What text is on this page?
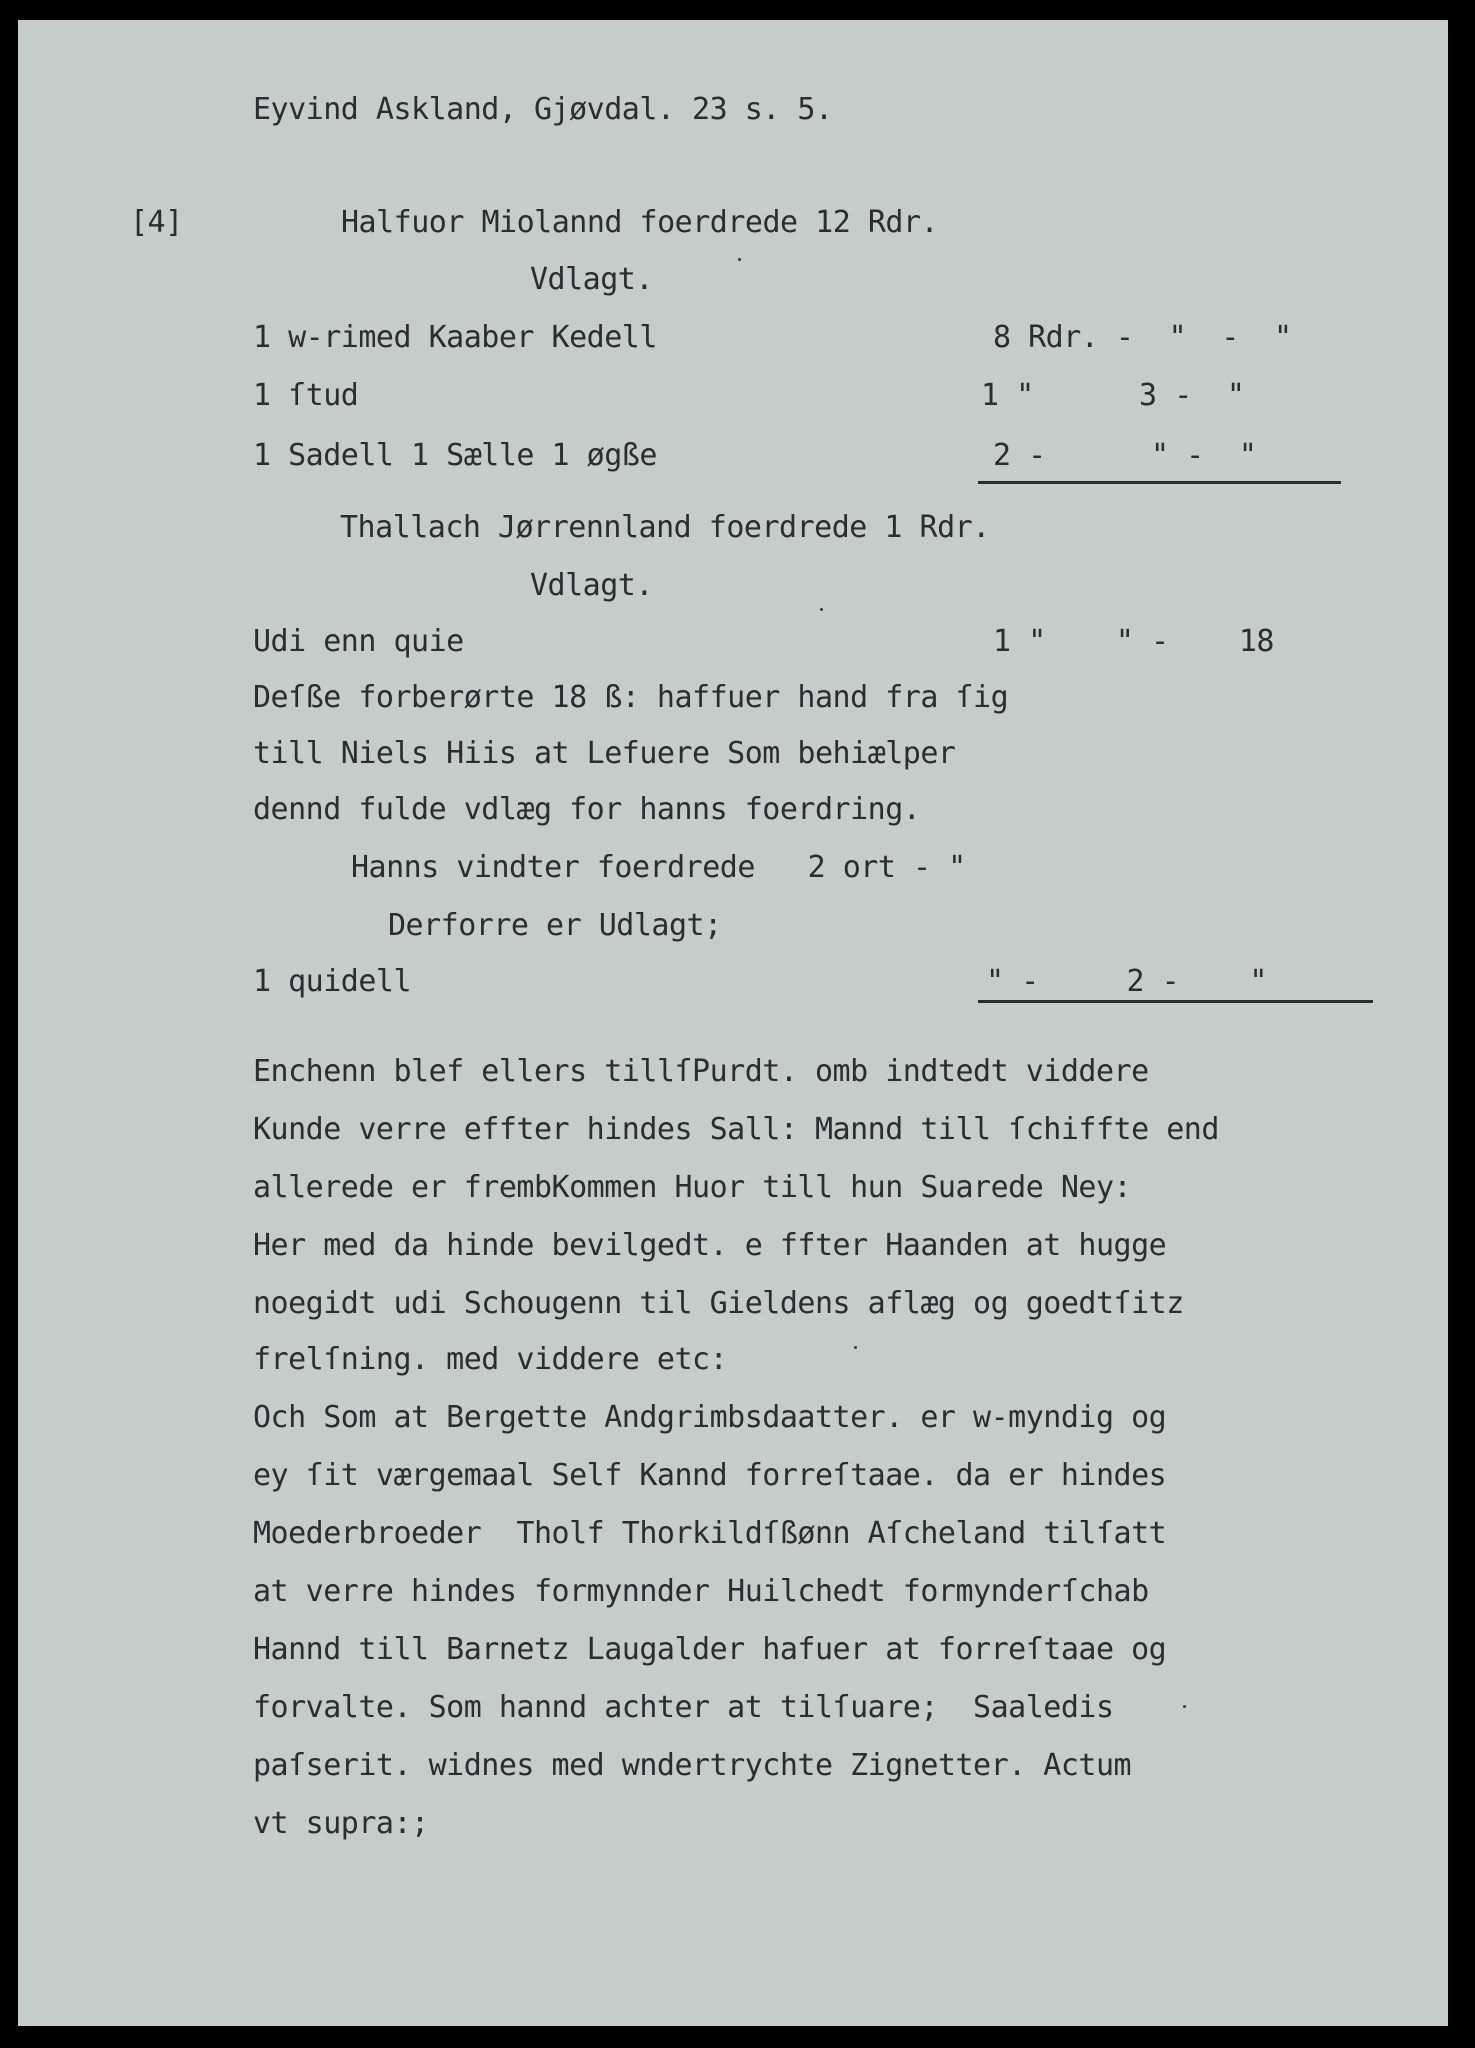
Eyvind Askland, Gjøvdal. 23 s. 5.
[4]	Halfuor Miolannd foerdrede 12 Rdr.
Vdlagt.
1 w-rimed Kaaber Kedell	8 Rdr. -  "  -  "
1 ſtud	1 "      3 -  "
1 Sadell 1 Sælle 1 øgße	2 -      " -  "
Thallach Jørrennland foerdrede 1 Rdr.
Vdlagt.
Udi enn quie	1 "    " -    18
Deſße forberørte 18 ß: haffuer hand fra ſig
till Niels Hiis at Lefuere Som behiælper
dennd fulde vdlæg for hanns foerdring.
Hanns vindter foerdrede   2 ort - "
Derforre er Udlagt;
1 quidell	" -     2 -    "
Enchenn blef ellers tillſPurdt. omb indtedt viddere
Kunde verre effter hindes Sall: Mannd till ſchiffte end
allerede er frembKommen Huor till hun Suarede Ney:
Her med da hinde bevilgedt. e ffter Haanden at hugge
noegidt udi Schougenn til Gieldens aflæg og goedtſitz
frelſning. med viddere etc:
Och Som at Bergette Andgrimbsdaatter. er w-myndig og
ey ſit værgemaal Self Kannd forreſtaae. da er hindes
Moederbroeder  Tholf Thorkildſßønn Aſcheland tilſatt
at verre hindes formynnder Huilchedt formynderſchab
Hannd till Barnetz Laugalder hafuer at forreſtaae og
forvalte. Som hannd achter at tilſuare;  Saaledis
paſserit. widnes med wndertrychte Zignetter. Actum
vt supra:;
